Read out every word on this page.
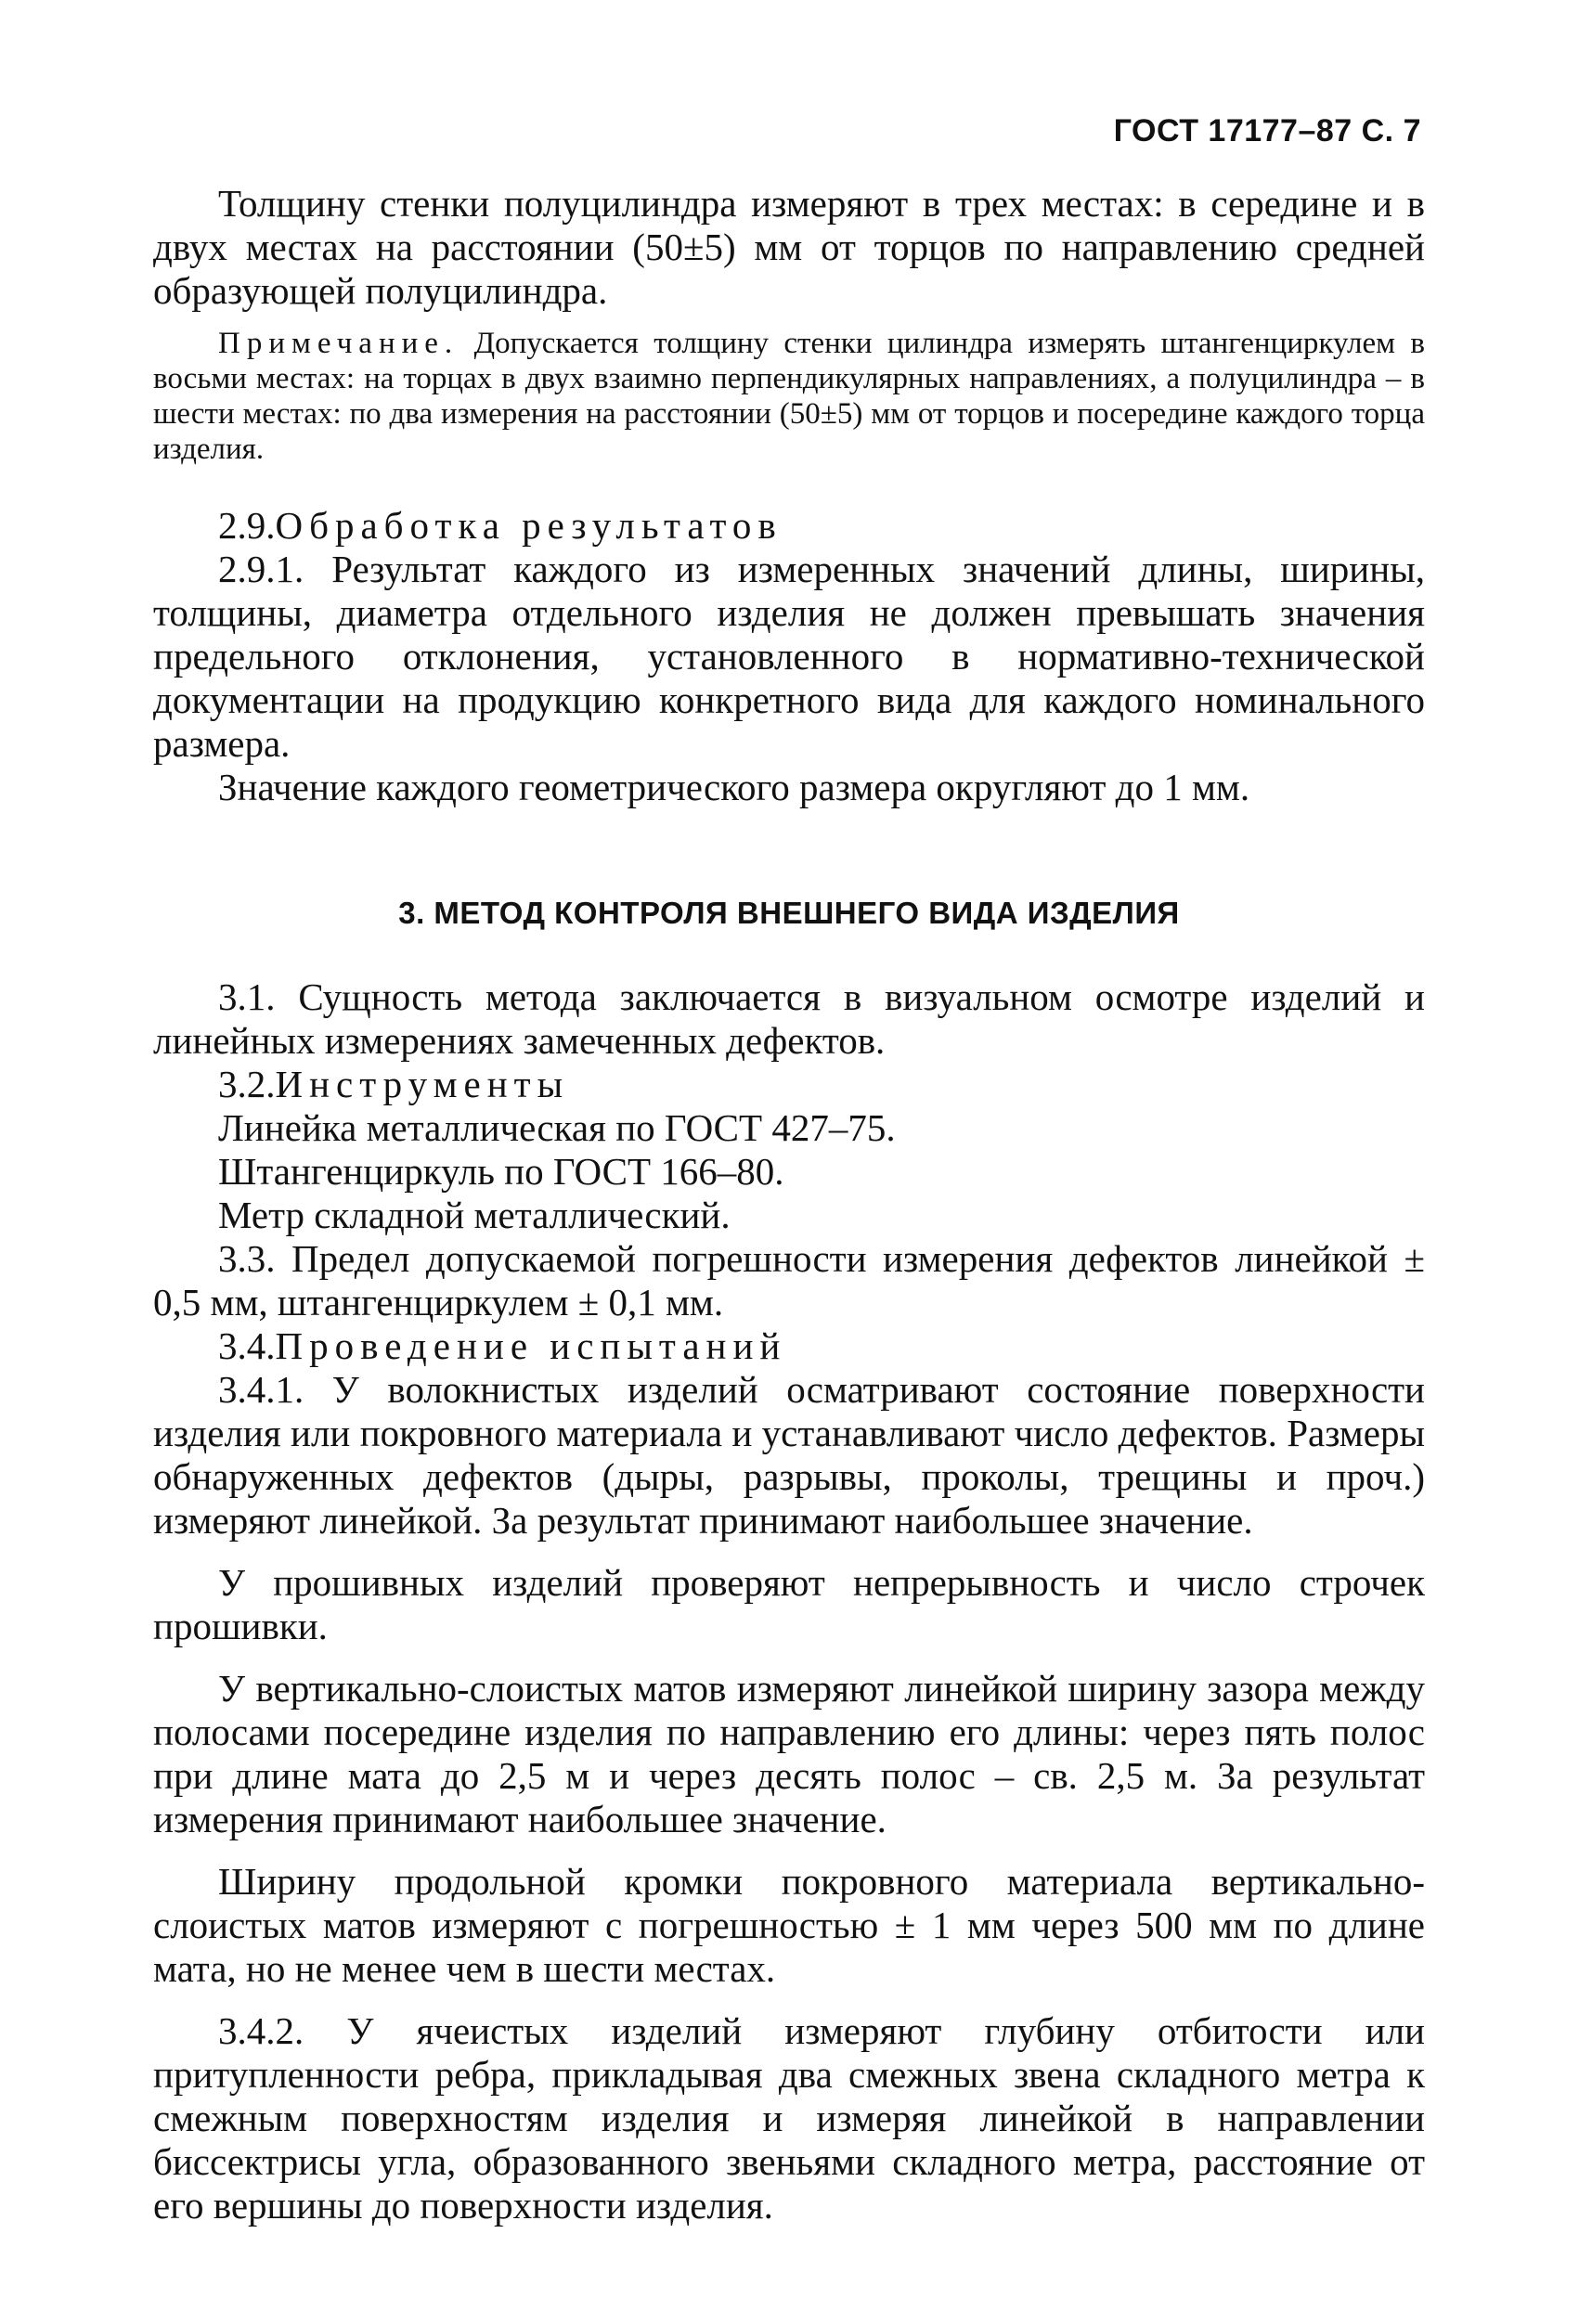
ГОСТ 17177–87 С. 7

Толщину стенки полуцилиндра измеряют в трех местах: в середине и в двух местах на расстоянии (50±5) мм от торцов по направлению средней образующей полуцилиндра.

Примечание. Допускается толщину стенки цилиндра измерять штангенциркулем в восьми местах: на торцах в двух взаимно перпендикулярных направлениях, а полуцилиндра – в шести местах: по два измерения на расстоянии (50±5) мм от торцов и посередине каждого торца изделия.

2.9.Обработка результатов

2.9.1. Результат каждого из измеренных значений длины, ширины, толщины, диаметра отдельного изделия не должен превышать значения предельного отклонения, установленного в нормативно-технической документации на продукцию конкретного вида для каждого номинального размера.

Значение каждого геометрического размера округляют до 1 мм.

3. МЕТОД КОНТРОЛЯ ВНЕШНЕГО ВИДА ИЗДЕЛИЯ

3.1. Сущность метода заключается в визуальном осмотре изделий и линейных измерениях замеченных дефектов.

3.2.Инструменты

Линейка металлическая по ГОСТ 427–75.

Штангенциркуль по ГОСТ 166–80.

Метр складной металлический.

3.3. Предел допускаемой погрешности измерения дефектов линейкой ± 0,5 мм, штангенциркулем ± 0,1 мм.

3.4.Проведение испытаний

3.4.1. У волокнистых изделий осматривают состояние поверхности изделия или покровного материала и устанавливают число дефектов. Размеры обнаруженных дефектов (дыры, разрывы, проколы, трещины и проч.) измеряют линейкой. За результат принимают наибольшее значение.

У прошивных изделий проверяют непрерывность и число строчек прошивки.

У вертикально-слоистых матов измеряют линейкой ширину зазора между полосами посередине изделия по направлению его длины: через пять полос при длине мата до 2,5 м и через десять полос – св. 2,5 м. За результат измерения принимают наибольшее значение.

Ширину продольной кромки покровного материала вертикально-слоистых матов измеряют с погрешностью ± 1 мм через 500 мм по длине мата, но не менее чем в шести местах.

3.4.2. У ячеистых изделий измеряют глубину отбитости или притупленности ребра, прикладывая два смежных звена складного метра к смежным поверхностям изделия и измеряя линейкой в направлении биссектрисы угла, образованного звеньями складного метра, расстояние от его вершины до поверхности изделия.
